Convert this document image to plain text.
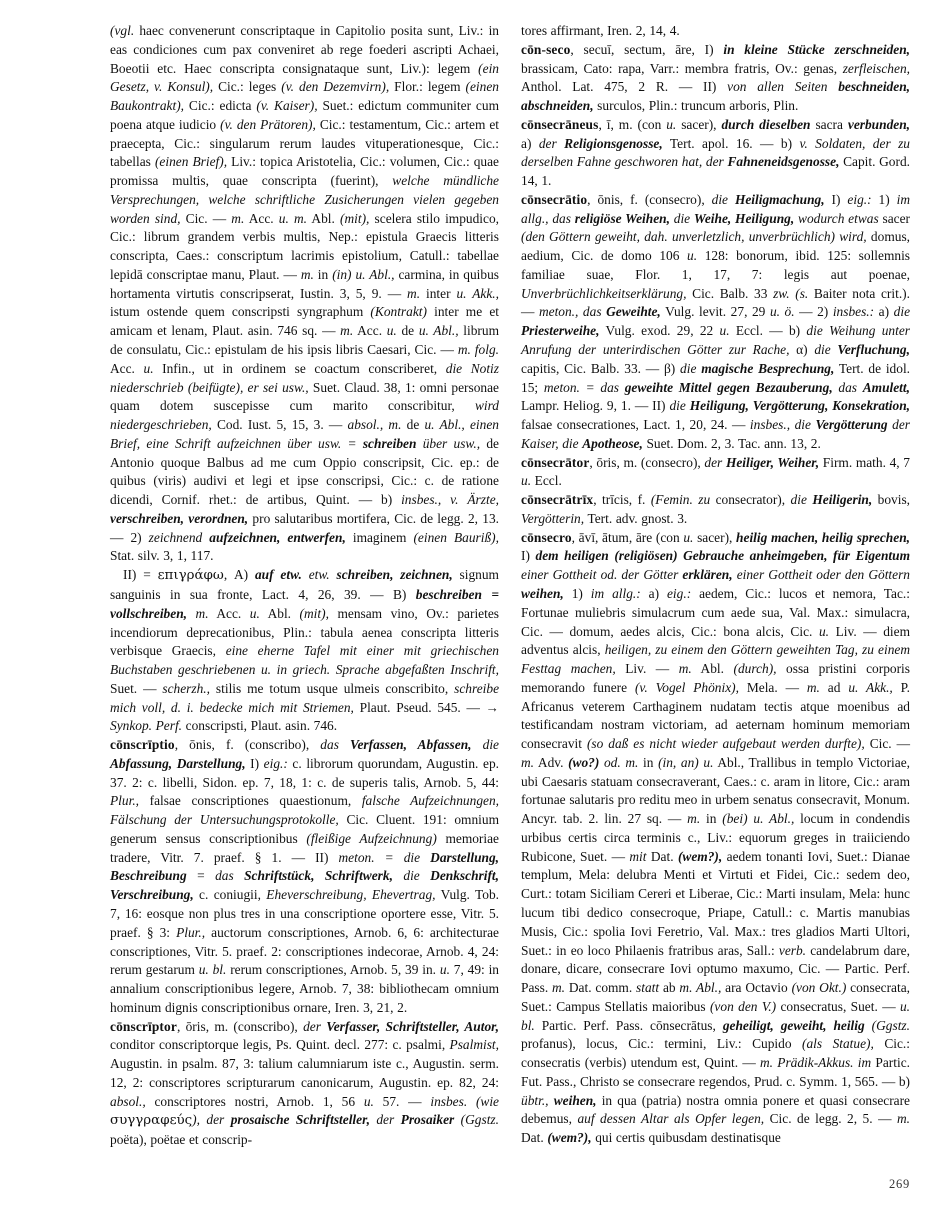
(vgl. haec convenerunt conscriptaque in Capitolio posita sunt, Liv.: in eas condiciones cum pax conveniret ab rege foederi ascripti Achaei, Boeotii etc. Haec conscripta consignataque sunt, Liv.): legem (ein Gesetz, v. Konsul), Cic.: leges (v. den Dezemvirn), Flor.: legem (einen Baukontrakt), Cic.: edicta (v. Kaiser), Suet.: edictum communiter cum poena atque iudicio (v. den Prätoren), Cic.: testamentum, Cic.: artem et praecepta, Cic.: singularum rerum laudes vituperationesque, Cic.: tabellas (einen Brief), Liv.: topica Aristotelia, Cic.: volumen, Cic.: quae promissa multis, quae conscripta (fuerint), welche mündliche Versprechungen, welche schriftliche Zusicherungen vielen gegeben worden sind, Cic. — m. Acc. u. m. Abl. (mit), scelera stilo impudico, Cic.: librum grandem verbis multis, Nep.: epistula Graecis litteris conscripta, Caes.: conscriptum lacrimis epistolium, Catull.: tabellae lepidā conscriptae manu, Plaut. — m. in (in) u. Abl., carmina, in quibus hortamenta virtutis conscripserat, Iustin. 3, 5, 9. — m. inter u. Akk., istum ostende quem conscripsti syngraphum (Kontrakt) inter me et amicam et lenam, Plaut. asin. 746 sq. — m. Acc. u. de u. Abl., librum de consulatu, Cic.: epistulam de his ipsis libris Caesari, Cic. — m. folg. Acc. u. Infin., ut in ordinem se coactum conscriberet, die Notiz niederschrieb (beifügte), er sei usw., Suet. Claud. 38, 1: omni personae quam dotem suscepisse cum marito conscribitur, wird niedergeschrieben, Cod. Iust. 5, 15, 3. — absol., m. de u. Abl., einen Brief, eine Schrift aufzeichnen über usw. = schreiben über usw., de Antonio quoque Balbus ad me cum Oppio conscripsit, Cic. ep.: de quibus (viris) audivi et legi et ipse conscripsi, Cic.: c. de ratione dicendi, Cornif. rhet.: de artibus, Quint. — b) insbes., v. Ärzte, verschreiben, verordnen, pro salutaribus mortifera, Cic. de legg. 2, 13. — 2) zeichnend aufzeichnen, entwerfen, imaginem (einen Bauriß), Stat. silv. 3, 1, 117.

II) = επιγράφω, A) auf etw. etw. schreiben, zeichnen, signum sanguinis in sua fronte, Lact. 4, 26, 39. — B) beschreiben = vollschreiben, m. Acc. u. Abl. (mit), mensam vino, Ov.: parietes incendiorum deprecationibus, Plin.: tabula aenea conscripta litteris verbisque Graecis, eine eherne Tafel mit einer mit griechischen Buchstaben geschriebenen u. in griech. Sprache abgefaßten Inschrift, Suet. — scherzh., stilis me totum usque ulmeis conscribito, schreibe mich voll, d. i. bedecke mich mit Striemen, Plaut. Pseud. 545. — → Synkop. Perf. conscripsti, Plaut. asin. 746.

cōnscrīptio, ōnis, f. (conscribo), das Verfassen, Abfassen, die Abfassung, Darstellung, I) eig.: c. librorum quorundam, Augustin. ep. 37. 2: c. libelli, Sidon. ep. 7, 18, 1: c. de superis talis, Arnob. 5, 44: Plur., falsae conscriptiones quaestionum, falsche Aufzeichnungen, Fälschung der Untersuchungsprotokolle, Cic. Cluent. 191: omnium generum sensus conscriptionibus (fleißige Aufzeichnung) memoriae tradere, Vitr. 7. praef. § 1. — II) meton. = die Darstellung, Beschreibung = das Schriftstück, Schriftwerk, die Denkschrift, Verschreibung, c. coniugii, Eheverschreibung, Ehevertrag, Vulg. Tob. 7, 16: eosque non plus tres in una conscriptione oportere esse, Vitr. 5. praef. § 3: Plur., auctorum conscriptiones, Arnob. 6, 6: architecturae conscriptiones, Vitr. 5. praef. 2: conscriptiones indecorae, Arnob. 4, 24: rerum gestarum u. bl. rerum conscriptiones, Arnob. 5, 39 in. u. 7, 49: in annalium conscriptionibus legere, Arnob. 7, 38: bibliothecam omnium hominum dignis conscriptionibus ornare, Iren. 3, 21, 2.

cōnscrīptor, ōris, m. (conscribo), der Verfasser, Schriftsteller, Autor, conditor conscriptorque legis, Ps. Quint. decl. 277: c. psalmi, Psalmist, Augustin. in psalm. 87, 3: talium calumniarum iste c., Augustin. serm. 12, 2: conscriptores scripturarum canonicarum, Augustin. ep. 82, 24: absol., conscriptores nostri, Arnob. 1, 56 u. 57. — insbes. (wie συγγραφεύς), der prosaische Schriftsteller, der Prosaiker (Ggstz. poëta), poëtae et conscrip-

tores affirmant, Iren. 2, 14, 4.

cōn-seco, secuī, sectum, āre, I) in kleine Stücke zerschneiden, brassicam, Cato: rapa, Varr.: membra fratris, Ov.: genas, zerfleischen, Anthol. Lat. 475, 2 R. — II) von allen Seiten beschneiden, abschneiden, surculos, Plin.: truncum arboris, Plin.

cōnsecrāneus, ī, m. (con u. sacer), durch dieselben sacra verbunden, a) der Religionsgenosse, Tert. apol. 16. — b) v. Soldaten, der zu derselben Fahne geschworen hat, der Fahneneidsgenosse, Capit. Gord. 14, 1.

cōnsecrātio, ōnis, f. (consecro), die Heiligmachung, I) eig.: 1) im allg., das religiöse Weihen, die Weihe, Heiligung, wodurch etwas sacer (den Göttern geweiht, dah. unverletzlich, unverbrüchlich) wird, domus, aedium, Cic. de domo 106 u. 128: bonorum, ibid. 125: sollemnis familiae suae, Flor. 1, 17, 7: legis aut poenae, Unverbrüchlichkeitserklärung, Cic. Balb. 33 zw. (s. Baiter nota crit.). — meton., das Geweihte, Vulg. levit. 27, 29 u. ö. — 2) insbes.: a) die Priesterweihe, Vulg. exod. 29, 22 u. Eccl. — b) die Weihung unter Anrufung der unterirdischen Götter zur Rache, α) die Verfluchung, capitis, Cic. Balb. 33. — β) die magische Besprechung, Tert. de idol. 15; meton. = das geweihte Mittel gegen Bezauberung, das Amulett, Lampr. Heliog. 9, 1. — II) die Heiligung, Vergötterung, Konsekration, falsae consecrationes, Lact. 1, 20, 24. — insbes., die Vergötterung der Kaiser, die Apotheose, Suet. Dom. 2, 3. Tac. ann. 13, 2.

cōnsecrātor, ōris, m. (consecro), der Heiliger, Weiher, Firm. math. 4, 7 u. Eccl.

cōnsecrātrīx, trīcis, f. (Femin. zu consecrator), die Heiligerin, bovis, Vergötterin, Tert. adv. gnost. 3.

cōnsecro, āvī, ātum, āre (con u. sacer), heilig machen, heilig sprechen, I) dem heiligen (religiösen) Gebrauche anheimgeben, für Eigentum einer Gottheit od. der Götter erklären, einer Gottheit oder den Göttern weihen, 1) im allg.: a) eig.: aedem, Cic.: lucos et nemora, Tac.: Fortunae muliebris simulacrum cum aede sua, Val. Max.: simulacra, Cic. — domum, aedes alcis, Cic.: bona alcis, Cic. u. Liv. — diem adventus alcis, heiligen, zu einem den Göttern geweihten Tag, zu einem Festtag machen, Liv. — m. Abl. (durch), ossa pristini corporis memorando funere (v. Vogel Phönix), Mela. — m. ad u. Akk., P. Africanus veterem Carthaginem nudatam tectis atque moenibus ad testificandam nostram victoriam, ad aeternam hominum memoriam consecravit (so daß es nicht wieder aufgebaut werden durfte), Cic. — m. Adv. (wo?) od. m. in (in, an) u. Abl., Trallibus in templo Victoriae, ubi Caesaris statuam consecraverant, Caes.: c. aram in litore, Cic.: aram fortunae salutaris pro reditu meo in urbem senatus consecravit, Monum. Ancyr. tab. 2. lin. 27 sq. — m. in (bei) u. Abl., locum in condendis urbibus certis circa terminis c., Liv.: equorum greges in traiiciendo Rubicone, Suet. — mit Dat. (wem?), aedem tonanti Iovi, Suet.: Dianae templum, Mela: delubra Menti et Virtuti et Fidei, Cic.: sedem deo, Curt.: totam Siciliam Cereri et Liberae, Cic.: Marti insulam, Mela: hunc lucum tibi dedico consecroque, Priape, Catull.: c. Martis manubias Musis, Cic.: spolia Iovi Feretrio, Val. Max.: tres gladios Marti Ultori, Suet.: in eo loco Philaenis fratribus aras, Sall.: verb. candelabrum dare, donare, dicare, consecrare Iovi optumo maxumo, Cic. — Partic. Perf. Pass. m. Dat. comm. statt ab m. Abl., ara Octavio (von Okt.) consecrata, Suet.: Campus Stellatis maioribus (von den V.) consecratus, Suet. — u. bl. Partic. Perf. Pass. cōnsecrātus, geheiligt, geweiht, heilig (Ggstz. profanus), locus, Cic.: termini, Liv.: Cupido (als Statue), Cic.: consecratis (verbis) utendum est, Quint. — m. Prädik-Akkus. im Partic. Fut. Pass., Christo se consecrare regendos, Prud. c. Symm. 1, 565. — b) übtr., weihen, in qua (patria) nostra omnia ponere et quasi consecrare debemus, auf dessen Altar als Opfer legen, Cic. de legg. 2, 5. — m. Dat. (wem?), qui certis quibusdam destinatisque

269
